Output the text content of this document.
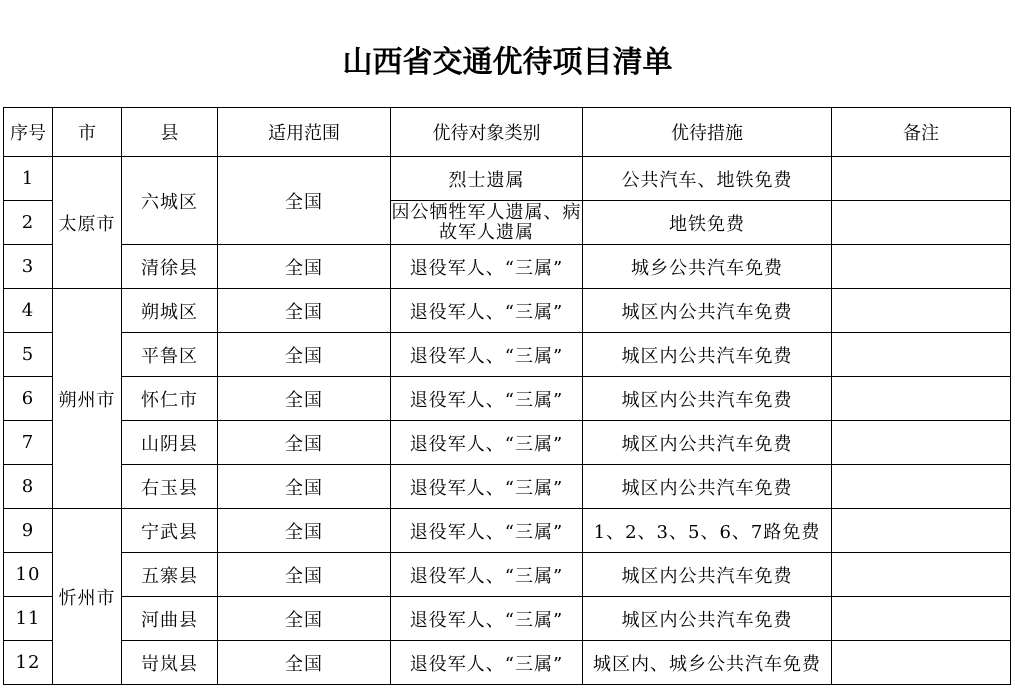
山西省交通优待项目清单
序号	市	县	适用范围	优待对象类别	优待措施	备注
1	太原市	六城区	全国	烈士遗属	公共汽车、地铁免费	
2				因公牺牲军人遗属、病故军人遗属	地铁免费	
3		清徐县	全国	退役军人、“三属”	城乡公共汽车免费	
4	朔州市	朔城区	全国	退役军人、“三属”	城区内公共汽车免费	
5		平鲁区	全国	退役军人、“三属”	城区内公共汽车免费	
6		怀仁市	全国	退役军人、“三属”	城区内公共汽车免费	
7		山阴县	全国	退役军人、“三属”	城区内公共汽车免费	
8		右玉县	全国	退役军人、“三属”	城区内公共汽车免费	
9	忻州市	宁武县	全国	退役军人、“三属”	1、2、3、5、6、7路免费	
10		五寨县	全国	退役军人、“三属”	城区内公共汽车免费	
11		河曲县	全国	退役军人、“三属”	城区内公共汽车免费	
12		岢岚县	全国	退役军人、“三属”	城区内、城乡公共汽车免费	
